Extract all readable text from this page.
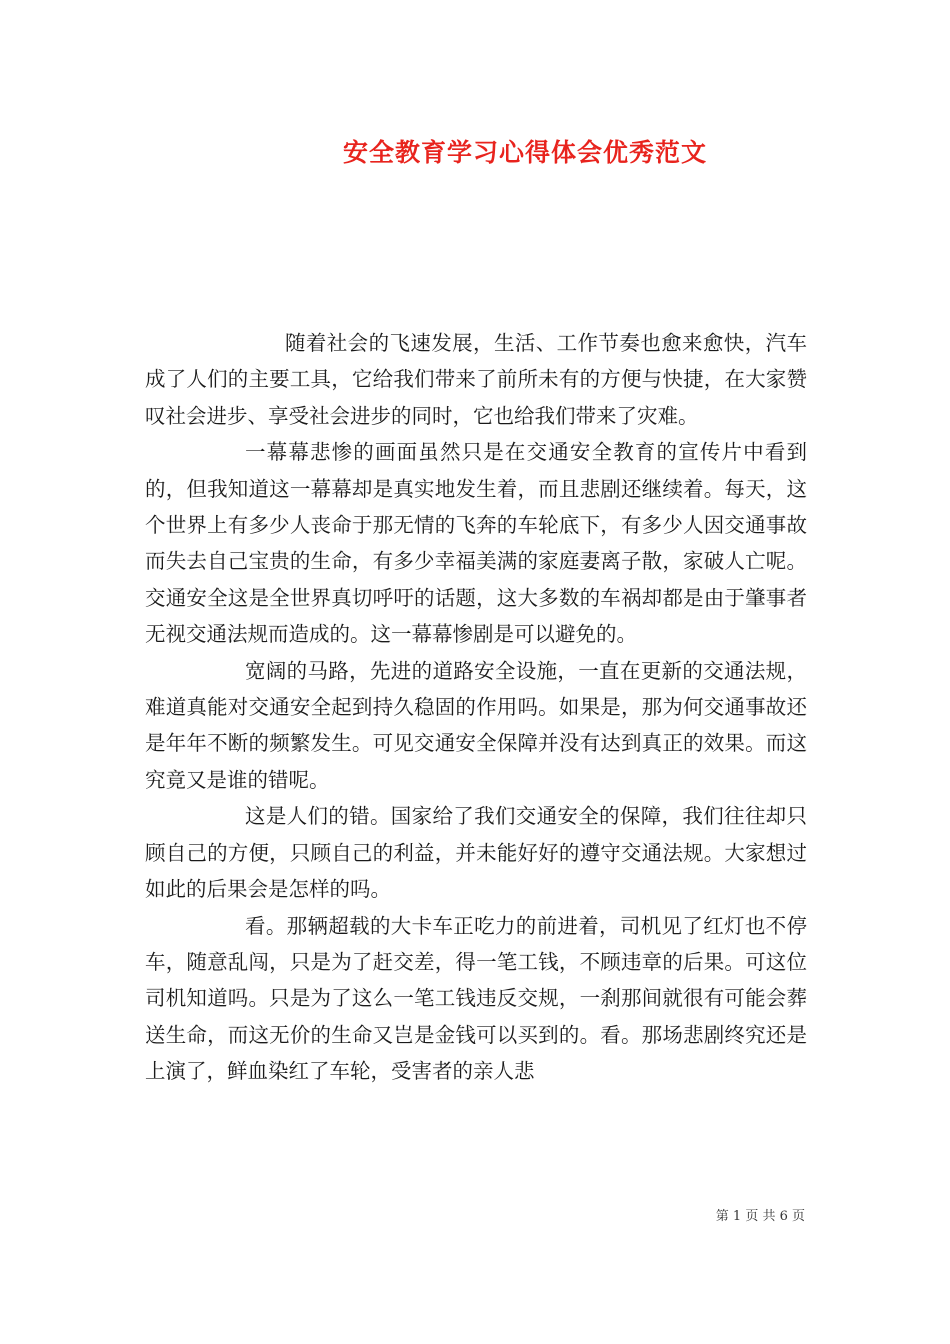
安全教育学习心得体会优秀范文

随着社会的飞速发展，生活、工作节奏也愈来愈快，汽车成了人们的主要工具，它给我们带来了前所未有的方便与快捷，在大家赞叹社会进步、享受社会进步的同时，它也给我们带来了灾难。

一幕幕悲惨的画面虽然只是在交通安全教育的宣传片中看到的，但我知道这一幕幕却是真实地发生着，而且悲剧还继续着。每天，这个世界上有多少人丧命于那无情的飞奔的车轮底下，有多少人因交通事故而失去自己宝贵的生命，有多少幸福美满的家庭妻离子散，家破人亡呢。交通安全这是全世界真切呼吁的话题，这大多数的车祸却都是由于肇事者无视交通法规而造成的。这一幕幕惨剧是可以避免的。

宽阔的马路，先进的道路安全设施，一直在更新的交通法规，难道真能对交通安全起到持久稳固的作用吗。如果是，那为何交通事故还是年年不断的频繁发生。可见交通安全保障并没有达到真正的效果。而这究竟又是谁的错呢。

这是人们的错。国家给了我们交通安全的保障，我们往往却只顾自己的方便，只顾自己的利益，并未能好好的遵守交通法规。大家想过如此的后果会是怎样的吗。

看。那辆超载的大卡车正吃力的前进着，司机见了红灯也不停车，随意乱闯，只是为了赶交差，得一笔工钱，不顾违章的后果。可这位司机知道吗。只是为了这么一笔工钱违反交规，一刹那间就很有可能会葬送生命，而这无价的生命又岂是金钱可以买到的。看。那场悲剧终究还是上演了，鲜血染红了车轮，受害者的亲人悲

第 1 页 共 6 页
